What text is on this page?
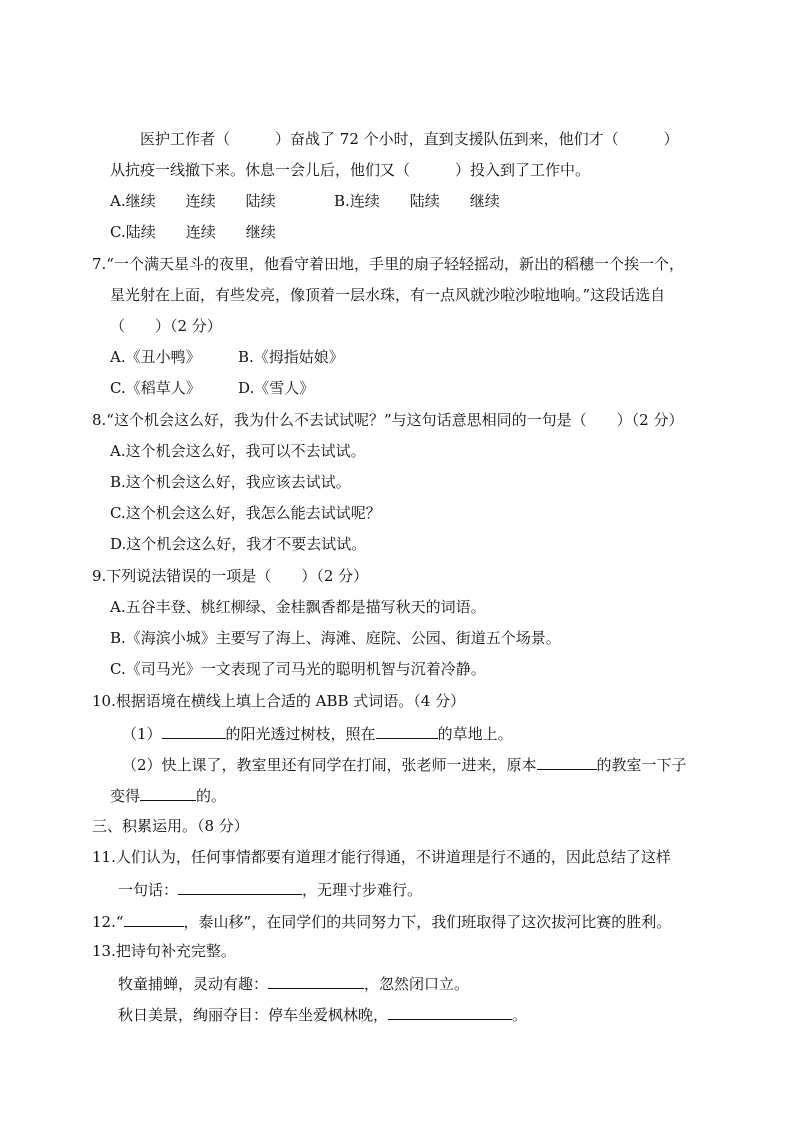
医护工作者（　　　）奋战了 72 个小时，直到支援队伍到来，他们才（　　　）
从抗疫一线撤下来。休息一会儿后，他们又（　　　）投入到了工作中。
A.继续　　连续　　陆续	B.连续　　陆续　　继续
C.陆续　　连续　　继续
7.“一个满天星斗的夜里，他看守着田地，手里的扇子轻轻摇动，新出的稻穗一个挨一个，
星光射在上面，有些发亮，像顶着一层水珠，有一点风就沙啦沙啦地响。”这段话选自
（　　）（2 分）
A.《丑小鸭》 B.《拇指姑娘》
C.《稻草人》 D.《雪人》
8.“这个机会这么好，我为什么不去试试呢？”与这句话意思相同的一句是（　　）（2 分）
A.这个机会这么好，我可以不去试试。
B.这个机会这么好，我应该去试试。
C.这个机会这么好，我怎么能去试试呢？
D.这个机会这么好，我才不要去试试。
9.下列说法错误的一项是（　　）（2 分）
A.五谷丰登、桃红柳绿、金桂飘香都是描写秋天的词语。
B.《海滨小城》主要写了海上、海滩、庭院、公园、街道五个场景。
C.《司马光》一文表现了司马光的聪明机智与沉着冷静。
10.根据语境在横线上填上合适的 ABB 式词语。（4 分）
（1）	的阳光透过树枝，照在	的草地上。
（2）快上课了，教室里还有同学在打闹，张老师一进来，原本	的教室一下子
变得	的。
三、积累运用。（8 分）
11.人们认为，任何事情都要有道理才能行得通，不讲道理是行不通的，因此总结了这样
一句话：	，无理寸步难行。
12.“	，泰山移”，在同学们的共同努力下，我们班取得了这次拔河比赛的胜利。
13.把诗句补充完整。
牧童捕蝉，灵动有趣：	，忽然闭口立。
秋日美景，绚丽夺目：停车坐爱枫林晚，	。
